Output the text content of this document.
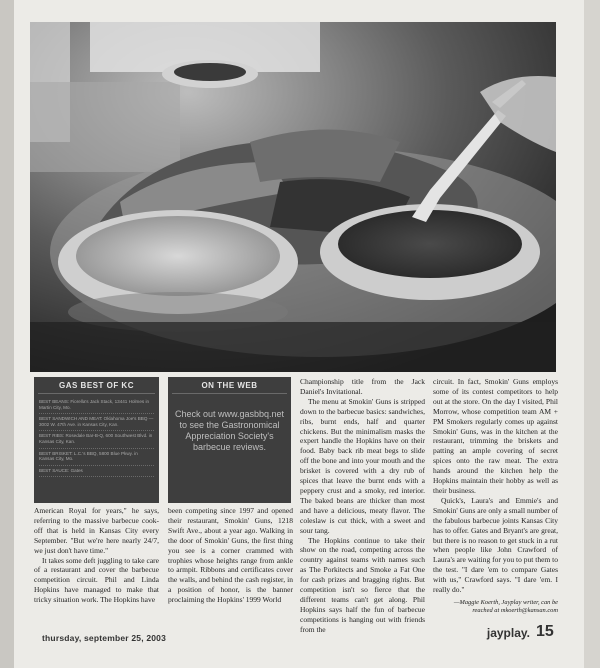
GAS BEST OF KC
BEST BEANS: Fiorella's Jack Stack, 13441 Holmes in Martin City, Mo.
BEST SANDWICH AND MEAT: Oklahoma Joe's BBQ — 3002 W. 47th Ave. in Kansas City, Kan.
BEST RIBS: Rosedale Bar-B-Q, 600 Southwest Blvd. in Kansas City, Kan.
BEST BRISKET: L.C.'s BBQ, 5800 Blue Pkwy. in Kansas City, Mo.
BEST SAUCE: Gates
ON THE WEB
Check out www.gasbbq.net to see the Gastronomical Appreciation Society's barbecue reviews.

American Royal for years," he says, referring to the massive barbecue cook-off that is held in Kansas City every September. "But we're here nearly 24/7, we just don't have time."

It takes some deft juggling to take care of a restaurant and cover the barbecue competition circuit. Phil and Linda Hopkins have managed to make that tricky situation work. The Hopkins have

been competing since 1997 and opened their restaurant, Smokin' Guns, 1218 Swift Ave., about a year ago. Walking in the door of Smokin' Guns, the first thing you see is a corner crammed with trophies whose heights range from ankle to armpit. Ribbons and certificates cover the walls, and behind the cash register, in a position of honor, is the banner proclaiming the Hopkins' 1999 World

Championship title from the Jack Daniel's Invitational.

The menu at Smokin' Guns is stripped down to the barbecue basics: sandwiches, ribs, burnt ends, half and quarter chickens. But the minimalism masks the expert handle the Hopkins have on their food. Baby back rib meat begs to slide off the bone and into your mouth and the brisket is covered with a dry rub of spices that leave the burnt ends with a peppery crust and a smoky, red interior. The baked beans are thicker than most and have a delicious, meaty flavor. The coleslaw is cut thick, with a sweet and sour tang.

The Hopkins continue to take their show on the road, competing across the country against teams with names such as The Porkitects and Smoke a Fat One for cash prizes and bragging rights. But competition isn't so fierce that the different teams can't get along. Phil Hopkins says half the fun of barbecue competitions is hanging out with friends from the

circuit. In fact, Smokin' Guns employs some of its contest competitors to help out at the store. On the day I visited, Phil Morrow, whose competition team AM + PM Smokers regularly comes up against Smokin' Guns, was in the kitchen at the restaurant, trimming the briskets and patting an ample covering of secret spices onto the raw meat. The extra hands around the kitchen help the Hopkins maintain their hobby as well as their business.

Quick's, Laura's and Emmie's and Smokin' Guns are only a small number of the fabulous barbecue joints Kansas City has to offer. Gates and Bryant's are great, but there is no reason to get stuck in a rut when people like John Crawford of Laura's are waiting for you to put them to the test. "I dare 'em to compare Gates with us," Crawford says. "I dare 'em. I really do."

—Maggie Koerth, Jayplay writer, can be
reached at mkoerth@kansan.com
thursday, september 25, 2003	jayplay. 15
